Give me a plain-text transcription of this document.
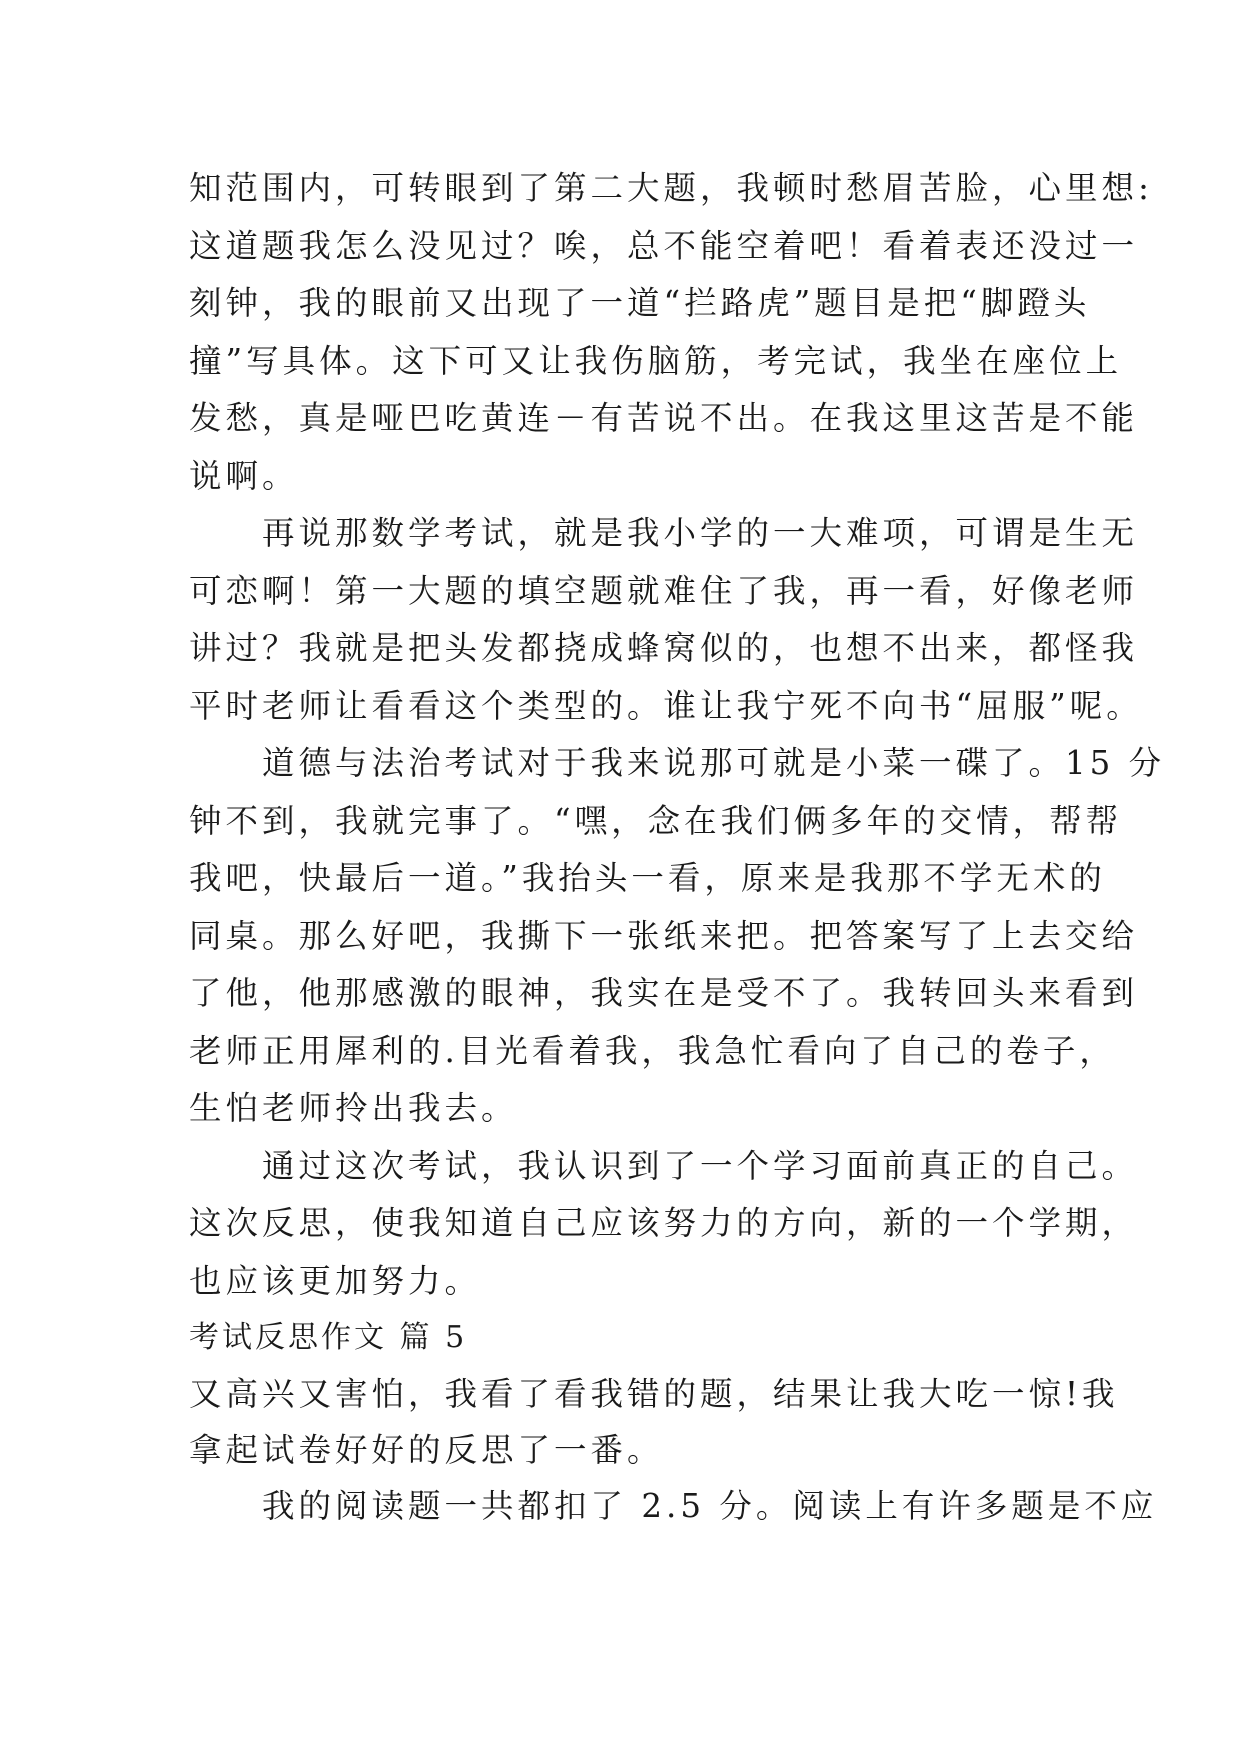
知范围内，可转眼到了第二大题，我顿时愁眉苦脸，心里想:
这道题我怎么没见过？唉，总不能空着吧！看着表还没过一
刻钟，我的眼前又出现了一道“拦路虎”题目是把“脚蹬头
撞”写具体。这下可又让我伤脑筋，考完试，我坐在座位上
发愁，真是哑巴吃黄连－有苦说不出。在我这里这苦是不能
说啊。
　　再说那数学考试，就是我小学的一大难项，可谓是生无
可恋啊！第一大题的填空题就难住了我，再一看，好像老师
讲过？我就是把头发都挠成蜂窝似的，也想不出来，都怪我
平时老师让看看这个类型的。谁让我宁死不向书“屈服”呢。
　　道德与法治考试对于我来说那可就是小菜一碟了。15 分
钟不到，我就完事了。“嘿，念在我们俩多年的交情，帮帮
我吧，快最后一道。”我抬头一看，原来是我那不学无术的
同桌。那么好吧，我撕下一张纸来把。把答案写了上去交给
了他，他那感激的眼神，我实在是受不了。我转回头来看到
老师正用犀利的.目光看着我，我急忙看向了自己的卷子，
生怕老师拎出我去。
　　通过这次考试，我认识到了一个学习面前真正的自己。
这次反思，使我知道自己应该努力的方向，新的一个学期，
也应该更加努力。
考试反思作文 篇 5
又高兴又害怕，我看了看我错的题，结果让我大吃一惊!我
拿起试卷好好的反思了一番。
　　我的阅读题一共都扣了 2.5 分。阅读上有许多题是不应
